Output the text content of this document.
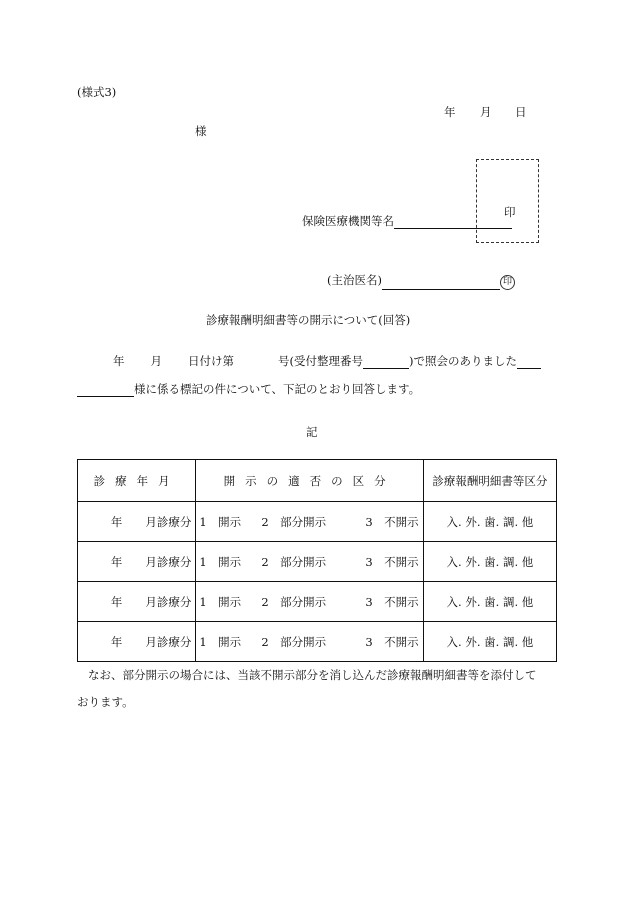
(様式3)
年 月 日
様
印
保険医療機関等名
(主治医名)	印
診療報酬明細書等の開示について(回答)
年 月 日付け第	号(受付整理番号	)で照会のありました
様に係る標記の件について、下記のとおり回答します。
記
診療年月	開示の適否の区分	診療報酬明細書等区分
年　　月診療分	1　開示 2　部分開示 3　不開示	入. 外. 歯. 調. 他
年　　月診療分	1　開示 2　部分開示 3　不開示	入. 外. 歯. 調. 他
年　　月診療分	1　開示 2　部分開示 3　不開示	入. 外. 歯. 調. 他
年　　月診療分	1　開示 2　部分開示 3　不開示	入. 外. 歯. 調. 他
なお、部分開示の場合には、当該不開示部分を消し込んだ診療報酬明細書等を添付して
おります。
